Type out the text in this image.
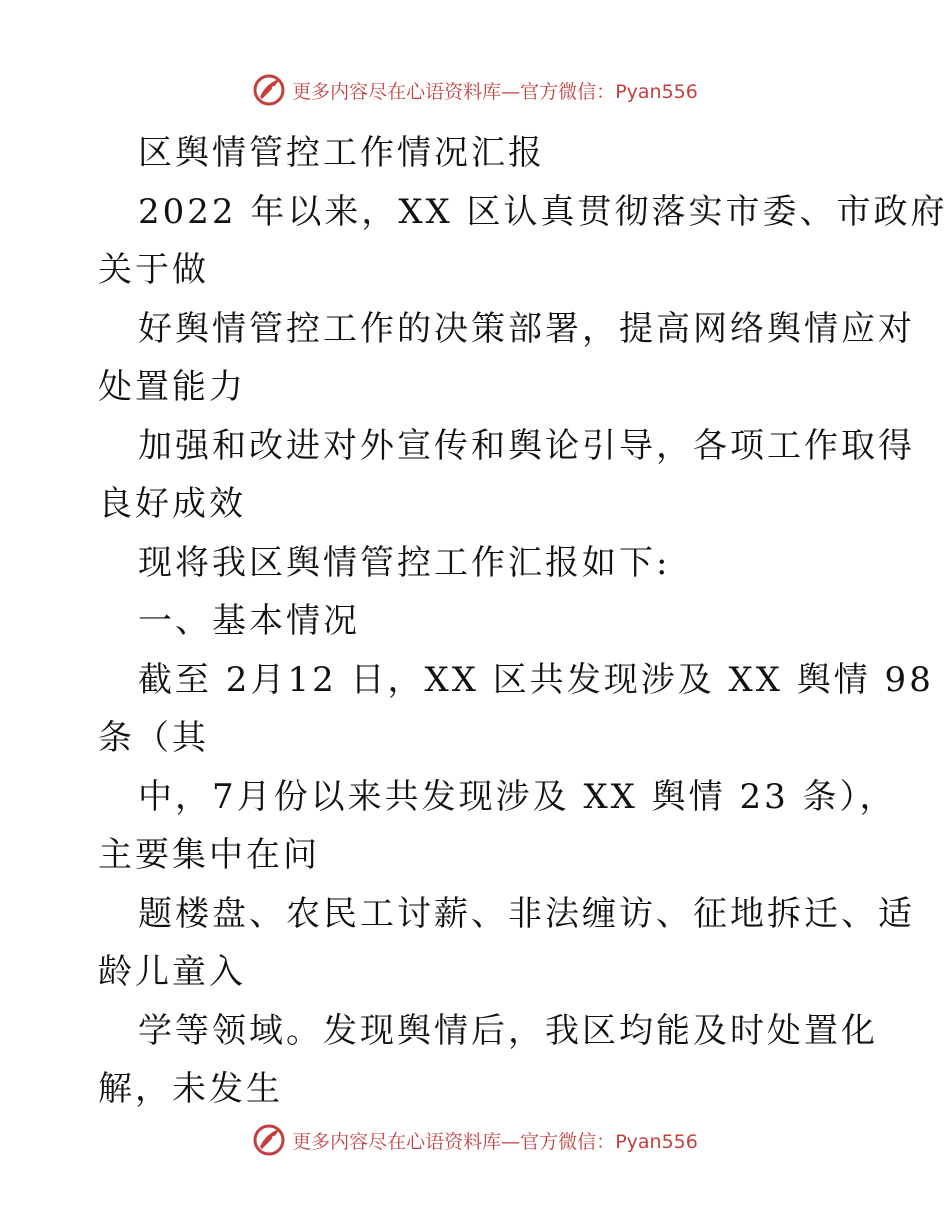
更多内容尽在心语资料库—官方微信：Pyan556
区舆情管控工作情况汇报
2022 年以来，XX 区认真贯彻落实市委、市政府
关于做
好舆情管控工作的决策部署，提高网络舆情应对
处置能力
加强和改进对外宣传和舆论引导，各项工作取得
良好成效
现将我区舆情管控工作汇报如下:
一、基本情况
截至 2月12 日，XX 区共发现涉及 XX 舆情 98
条（其
中，7月份以来共发现涉及 XX 舆情 23 条），
主要集中在问
题楼盘、农民工讨薪、非法缠访、征地拆迁、适
龄儿童入
学等领域。发现舆情后，我区均能及时处置化
解，未发生
更多内容尽在心语资料库—官方微信：Pyan556
